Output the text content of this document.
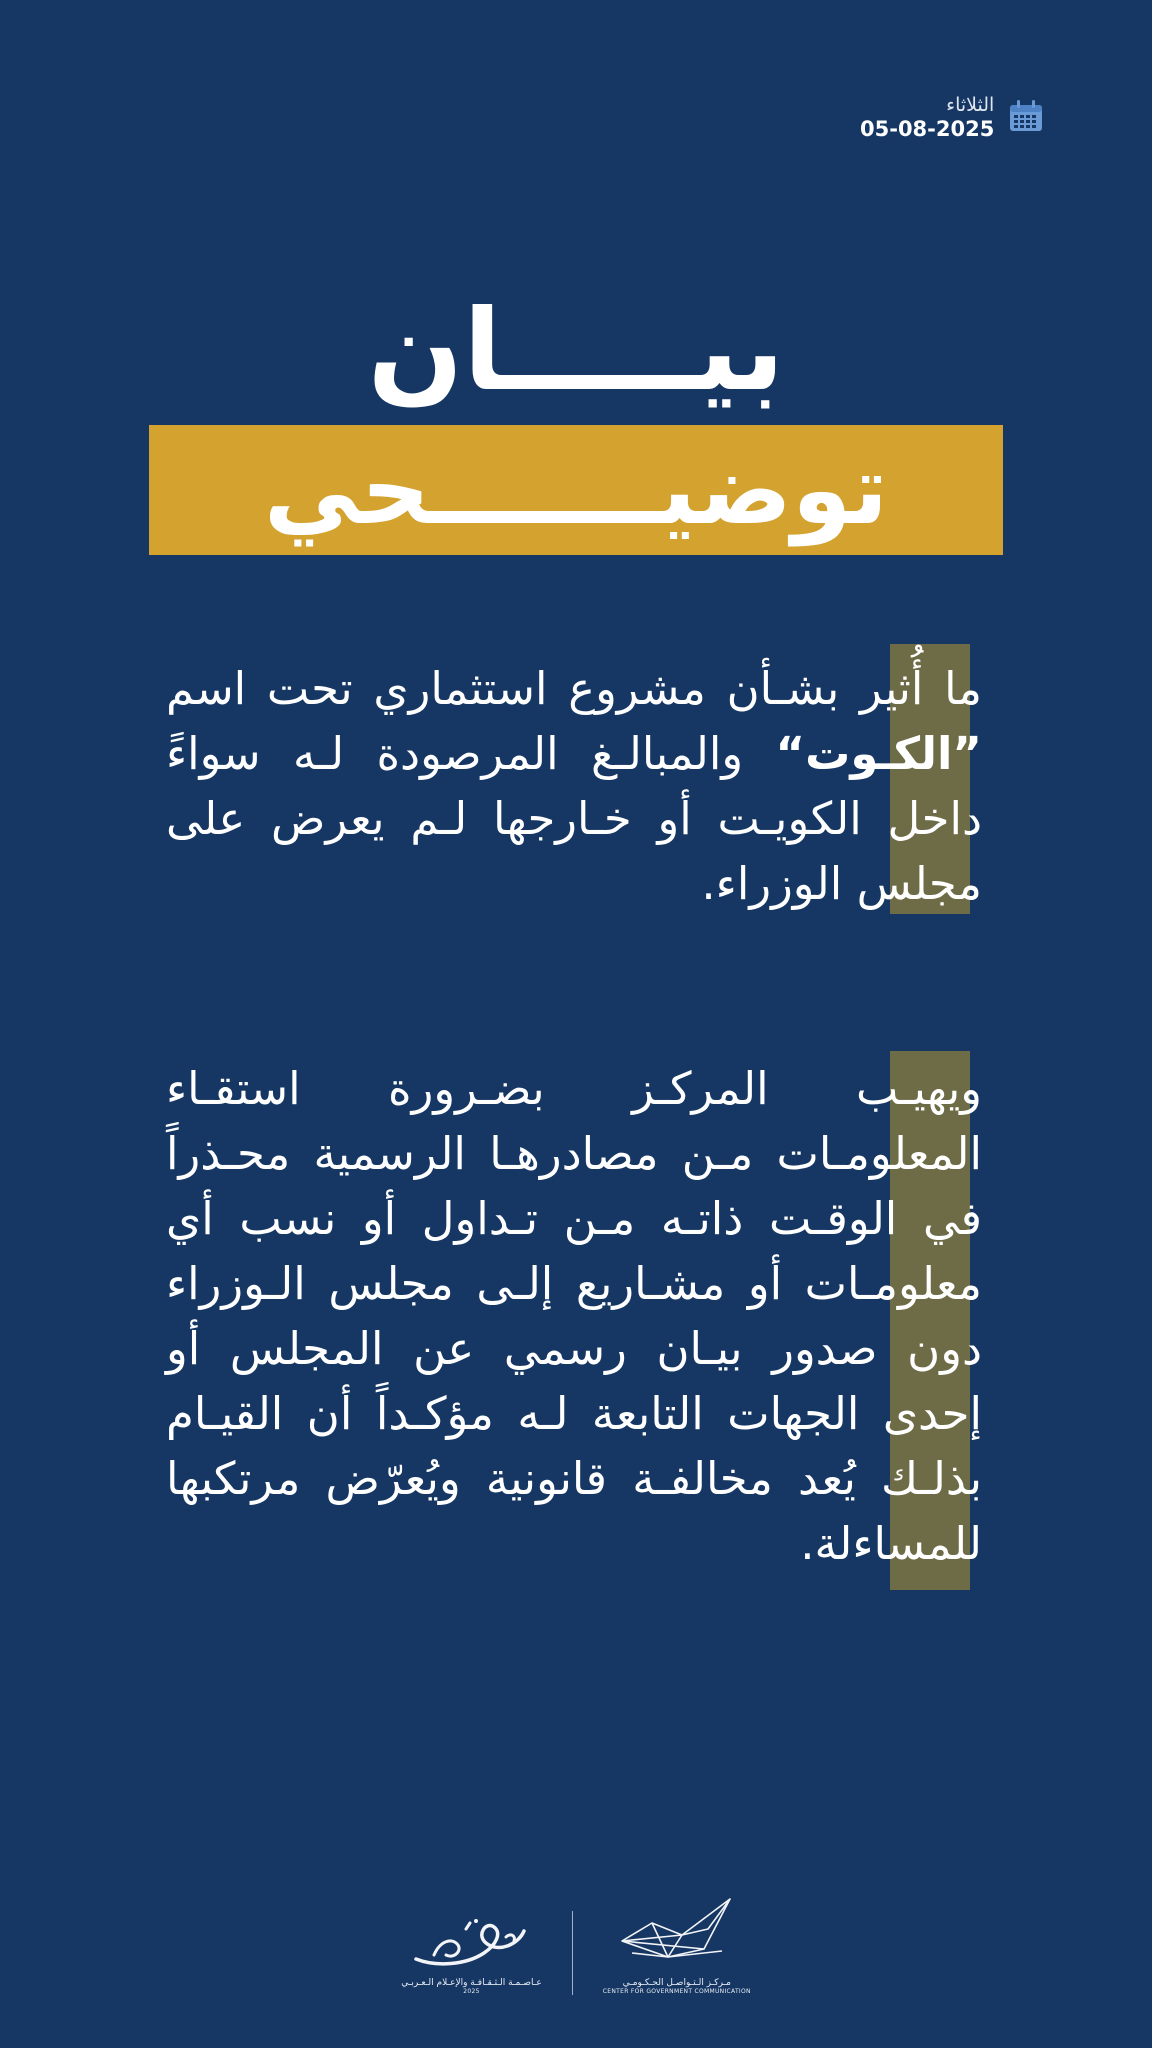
الثلاثاء
05-08-2025
بيـــــان
توضيـــــــحي

ما أُثير بشـأن مشروع استثماري تحت اسم ”الكـوت“ والمبالـغ المرصودة لـه سواءً داخل الكويـت أو خـارجها لـم يعرض على مجلس الوزراء.

ويهيـب المركـز بضـرورة استقـاء المعلومـات مـن مصادرهـا الرسمية محـذراً في الوقـت ذاتـه مـن تـداول أو نسب أي معلومـات أو مشـاريع إلـى مجلس الـوزراء دون صدور بيـان رسمي عن المجلس أو إحدى الجهات التابعة لـه مؤكـداً أن القيـام بذلـك يُعد مخالفـة قانونية ويُعرّض مرتكبها للمساءلة.

عـاصـمـة الـثـقـافـة والإعـلام الـعـربـي
2025
مـركـز الـتـواصـل الحـكـومـي
CENTER FOR GOVERNMENT COMMUNICATION
